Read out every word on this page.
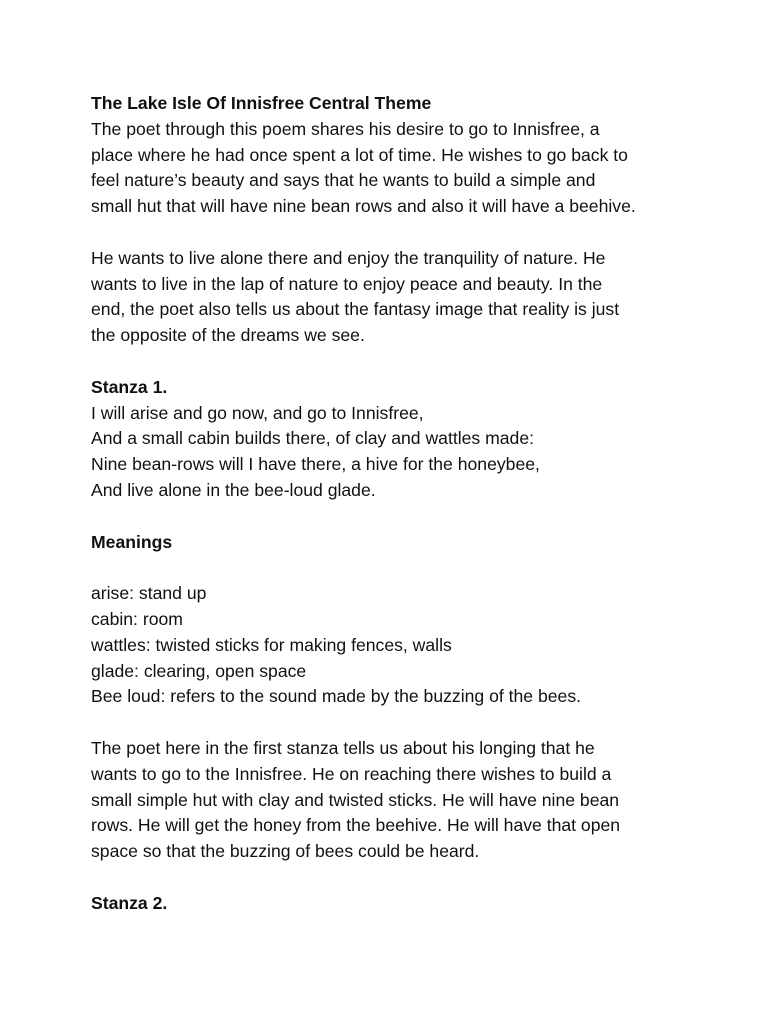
The Lake Isle Of Innisfree Central Theme
The poet through this poem shares his desire to go to Innisfree, a
place where he had once spent a lot of time. He wishes to go back to
feel nature’s beauty and says that he wants to build a simple and
small hut that will have nine bean rows and also it will have a beehive.
He wants to live alone there and enjoy the tranquility of nature. He
wants to live in the lap of nature to enjoy peace and beauty. In the
end, the poet also tells us about the fantasy image that reality is just
the opposite of the dreams we see.
Stanza 1.
I will arise and go now, and go to Innisfree,
And a small cabin builds there, of clay and wattles made:
Nine bean-rows will I have there, a hive for the honeybee,
And live alone in the bee-loud glade.
Meanings
arise: stand up
cabin: room
wattles: twisted sticks for making fences, walls
glade: clearing, open space
Bee loud: refers to the sound made by the buzzing of the bees.
The poet here in the first stanza tells us about his longing that he
wants to go to the Innisfree. He on reaching there wishes to build a
small simple hut with clay and twisted sticks. He will have nine bean
rows. He will get the honey from the beehive. He will have that open
space so that the buzzing of bees could be heard.
Stanza 2.
